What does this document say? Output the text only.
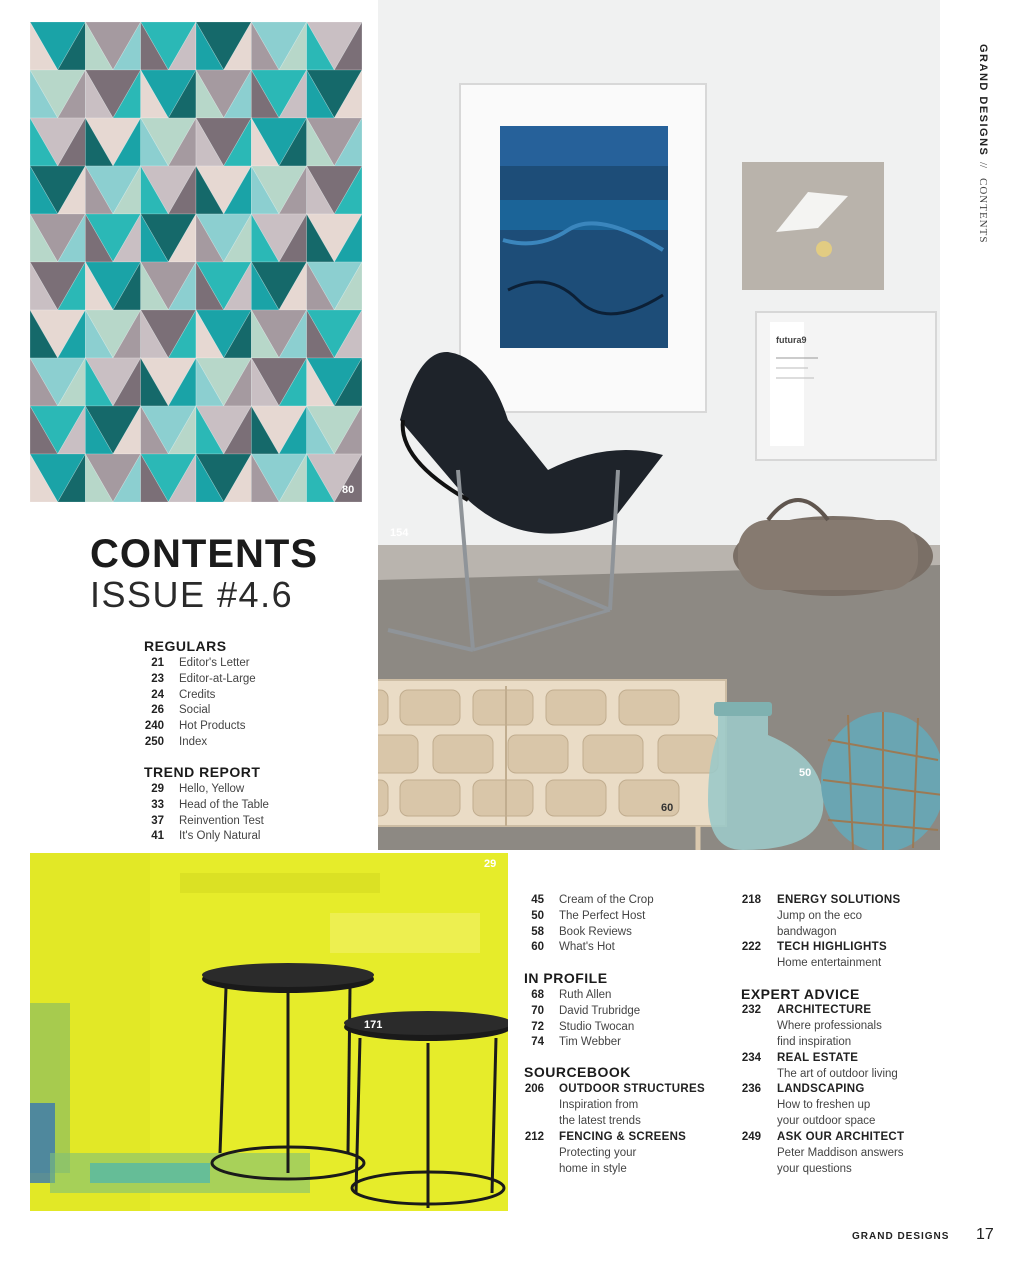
80
futura9
154
50
60
29
171
CONTENTS
ISSUE #4.6
REGULARS
21 Editor's Letter
23 Editor-at-Large
24 Credits
26 Social
240 Hot Products
250 Index
TREND REPORT
29 Hello, Yellow
33 Head of the Table
37 Reinvention Test
41 It's Only Natural
45 Cream of the Crop
50 The Perfect Host
58 Book Reviews
60 What's Hot
IN PROFILE
68 Ruth Allen
70 David Trubridge
72 Studio Twocan
74 Tim Webber
SOURCEBOOK
206 OUTDOOR STRUCTURES
Inspiration from
the latest trends
212 FENCING & SCREENS
Protecting your
home in style
218 ENERGY SOLUTIONS
Jump on the eco
bandwagon
222 TECH HIGHLIGHTS
Home entertainment
EXPERT ADVICE
232 ARCHITECTURE
Where professionals
find inspiration
234 REAL ESTATE
The art of outdoor living
236 LANDSCAPING
How to freshen up
your outdoor space
249 ASK OUR ARCHITECT
Peter Maddison answers
your questions
GRAND DESIGNS
//
CONTENTS
GRAND DESIGNS 17
